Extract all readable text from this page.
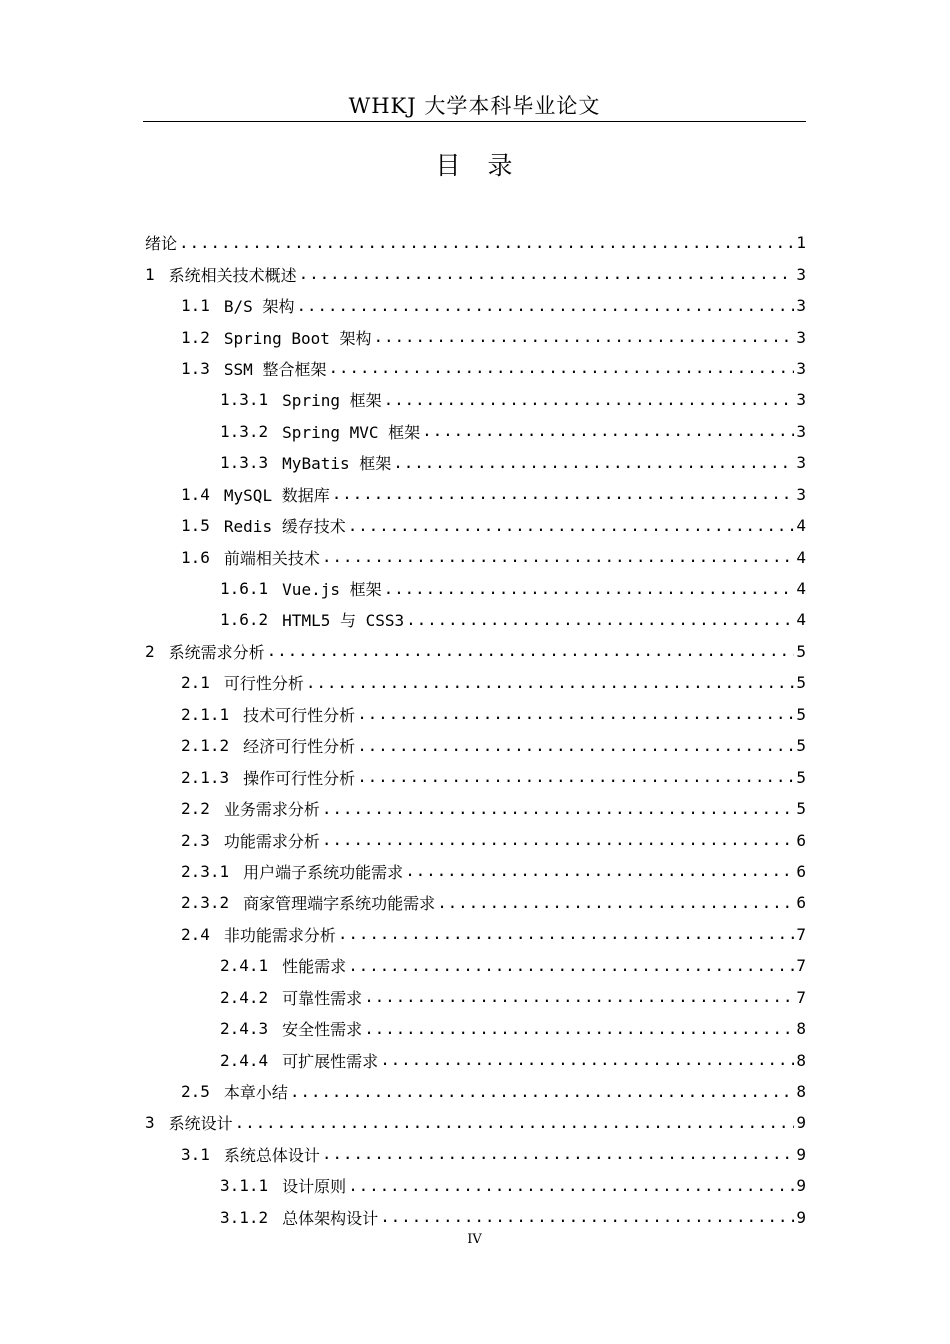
WHKJ 大学本科毕业论文
目　录
绪论 . . .	1
1 系统相关技术概述 . . .	3
1.1 B/S 架构 . . .	3
1.2 Spring Boot 架构 . . .	3
1.3 SSM 整合框架 . . .	3
1.3.1 Spring 框架 . . .	3
1.3.2 Spring MVC 框架 . . .	3
1.3.3 MyBatis 框架 . . .	3
1.4 MySQL 数据库 . . .	3
1.5 Redis 缓存技术 . . .	4
1.6 前端相关技术 . . .	4
1.6.1 Vue.js 框架 . . .	4
1.6.2 HTML5 与 CSS3 . . .	4
2 系统需求分析 . . .	5
2.1 可行性分析 . . .	5
2.1.1 技术可行性分析 . . .	5
2.1.2 经济可行性分析 . . .	5
2.1.3 操作可行性分析 . . .	5
2.2 业务需求分析 . . .	5
2.3 功能需求分析 . . .	6
2.3.1 用户端子系统功能需求 . . .	6
2.3.2 商家管理端字系统功能需求 . . .	6
2.4 非功能需求分析 . . .	7
2.4.1 性能需求 . . .	7
2.4.2 可靠性需求 . . .	7
2.4.3 安全性需求 . . .	8
2.4.4 可扩展性需求 . . .	8
2.5 本章小结 . . .	8
3 系统设计 . . .	9
3.1 系统总体设计 . . .	9
3.1.1 设计原则 . . .	9
3.1.2 总体架构设计 . . .	9
IV
